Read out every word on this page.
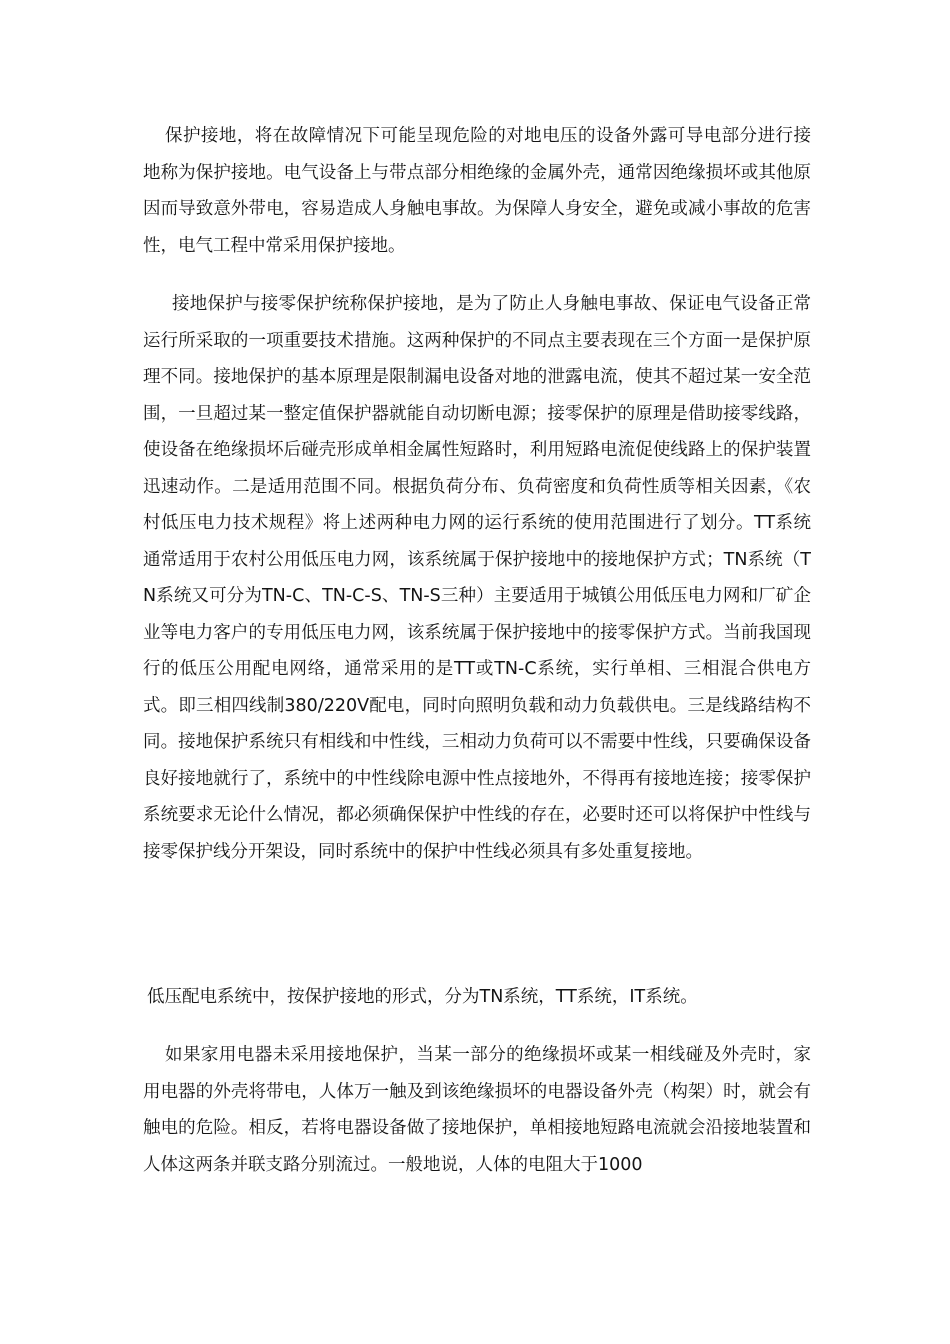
保护接地，将在故障情况下可能呈现危险的对地电压的设备外露可导电部分进行接地称为保护接地。电气设备上与带点部分相绝缘的金属外壳，通常因绝缘损坏或其他原因而导致意外带电，容易造成人身触电事故。为保障人身安全，避免或减小事故的危害性，电气工程中常采用保护接地。

接地保护与接零保护统称保护接地，是为了防止人身触电事故、保证电气设备正常运行所采取的一项重要技术措施。这两种保护的不同点主要表现在三个方面一是保护原理不同。接地保护的基本原理是限制漏电设备对地的泄露电流，使其不超过某一安全范围，一旦超过某一整定值保护器就能自动切断电源；接零保护的原理是借助接零线路，使设备在绝缘损坏后碰壳形成单相金属性短路时，利用短路电流促使线路上的保护装置迅速动作。二是适用范围不同。根据负荷分布、负荷密度和负荷性质等相关因素，《农村低压电力技术规程》将上述两种电力网的运行系统的使用范围进行了划分。TT系统通常适用于农村公用低压电力网，该系统属于保护接地中的接地保护方式；TN系统（TN系统又可分为TN-C、TN-C-S、TN-S三种）主要适用于城镇公用低压电力网和厂矿企业等电力客户的专用低压电力网，该系统属于保护接地中的接零保护方式。当前我国现行的低压公用配电网络，通常采用的是TT或TN-C系统，实行单相、三相混合供电方式。即三相四线制380/220V配电，同时向照明负载和动力负载供电。三是线路结构不同。接地保护系统只有相线和中性线，三相动力负荷可以不需要中性线，只要确保设备良好接地就行了，系统中的中性线除电源中性点接地外，不得再有接地连接；接零保护系统要求无论什么情况，都必须确保保护中性线的存在，必要时还可以将保护中性线与接零保护线分开架设，同时系统中的保护中性线必须具有多处重复接地。

低压配电系统中，按保护接地的形式，分为TN系统，TT系统，IT系统。

如果家用电器未采用接地保护，当某一部分的绝缘损坏或某一相线碰及外壳时，家用电器的外壳将带电，人体万一触及到该绝缘损坏的电器设备外壳（构架）时，就会有触电的危险。相反，若将电器设备做了接地保护，单相接地短路电流就会沿接地装置和人体这两条并联支路分别流过。一般地说，人体的电阻大于1000
